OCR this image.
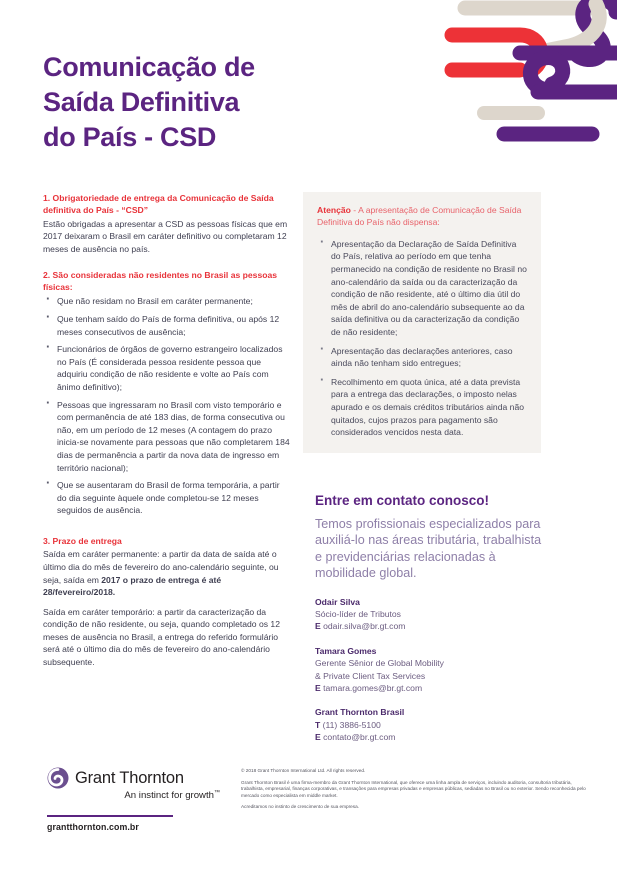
Comunicação de
Saída Definitiva
do País - CSD

1. Obrigatoriedade de entrega da Comunicação de Saída definitiva do País - “CSD”

Estão obrigadas a apresentar a CSD as pessoas físicas que em 2017 deixaram o Brasil em caráter definitivo ou completaram 12 meses de ausência no país.

2. São consideradas não residentes no Brasil as pessoas físicas:

· Que não residam no Brasil em caráter permanente;
· Que tenham saído do País de forma definitiva, ou após 12 meses consecutivos de ausência;
· Funcionários de órgãos de governo estrangeiro localizados no País (É considerada pessoa residente pessoa que adquiriu condição de não residente e volte ao País com ânimo definitivo);
· Pessoas que ingressaram no Brasil com visto temporário e com permanência de até 183 dias, de forma consecutiva ou não, em um período de 12 meses (A contagem do prazo inicia-se novamente para pessoas que não completarem 184 dias de permanência a partir da nova data de ingresso em território nacional);
· Que se ausentaram do Brasil de forma temporária, a partir do dia seguinte àquele onde completou-se 12 meses seguidos de ausência.

3. Prazo de entrega

Saída em caráter permanente: a partir da data de saída até o último dia do mês de fevereiro do ano-calendário seguinte, ou seja, saída em 2017 o prazo de entrega é até 28/fevereiro/2018.

Saída em caráter temporário: a partir da caracterização da condição de não residente, ou seja, quando completado os 12 meses de ausência no Brasil, a entrega do referido formulário será até o último dia do mês de fevereiro do ano-calendário subsequente.

Atenção - A apresentação de Comunicação de Saída Definitiva do País não dispensa:

· Apresentação da Declaração de Saída Definitiva do País, relativa ao período em que tenha permanecido na condição de residente no Brasil no ano-calendário da saída ou da caracterização da condição de não residente, até o último dia útil do mês de abril do ano-calendário subsequente ao da saída definitiva ou da caracterização da condição de não residente;
· Apresentação das declarações anteriores, caso ainda não tenham sido entregues;
· Recolhimento em quota única, até a data prevista para a entrega das declarações, o imposto nelas apurado e os demais créditos tributários ainda não quitados, cujos prazos para pagamento são considerados vencidos nesta data.

Entre em contato conosco!

Temos profissionais especializados para auxiliá-lo nas áreas tributária, trabalhista e previdenciárias relacionadas à mobilidade global.

Odair Silva
Sócio-líder de Tributos
E odair.silva@br.gt.com
Tamara Gomes
Gerente Sênior de Global Mobility
& Private Client Tax Services
E tamara.gomes@br.gt.com
Grant Thornton Brasil
T (11) 3886-5100
E contato@br.gt.com
Grant Thornton
An instinct for growth™
grantthornton.com.br

© 2018 Grant Thornton International Ltd. All rights reserved.

Grant Thornton Brasil é uma firma-membro da Grant Thornton International, que oferece uma linha ampla de serviços, incluindo auditoria, consultoria tributária, trabalhista, empresarial, finanças corporativas, e transações para empresas privadas e empresas públicas, sediadas no Brasil ou no exterior. Sendo reconhecida pelo mercado como especialista em middle market.

Acreditamos no instinto de crescimento de sua empresa.
